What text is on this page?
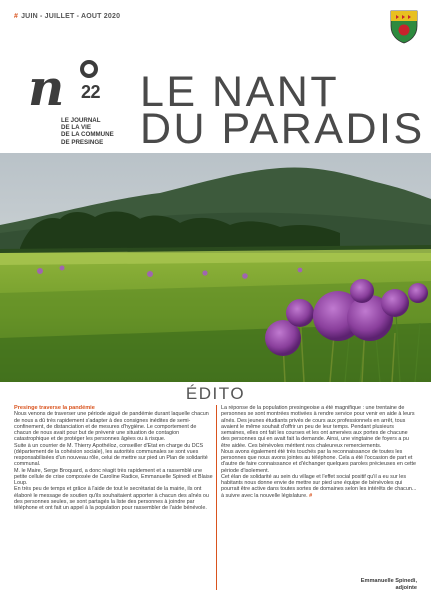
# JUIN - JUILLET - AOUT 2020
n 22
LE JOURNAL
DE LA VIE
DE LA COMMUNE
DE PRESINGE
LE NANT
DU PARADIS
ÉDITO

Presinge traverse la pandémie

Nous venons de traverser une période aiguë de pandémie durant laquelle chacun de nous a dû très rapidement s'adapter à des consignes inédites de semi-confinement, de distanciation et de mesures d'hygiène. Le comportement de chacun de nous avait pour but de prévenir une situation de contagion catastrophique et de protéger les personnes âgées ou à risque.

Suite à un courrier de M. Thierry Apothéloz, conseiller d'Etat en charge du DCS (département de la cohésion sociale), les autorités communales se sont vues responsabilisées d'un nouveau rôle, celui de mettre sur pied un Plan de solidarité communal.

M. le Maire, Serge Broquard, a donc réagit très rapidement et a rassemblé une petite cellule de crise composée de Caroline Radice, Emmanuelle Spinedi et Blaise Loup.

En très peu de temps et grâce à l'aide de tout le secrétariat de la mairie, ils ont élaboré le message de soutien qu'ils souhaitaient apporter à chacun des aînés ou des personnes seules, se sont partagés la liste des personnes à joindre par téléphone et ont fait un appel à la population pour rassembler de l'aide bénévole.

La réponse de la population presingeoise a été magnifique : une trentaine de personnes se sont montrées motivées à rendre service pour venir en aide à leurs aînés. Des jeunes étudiants privés de cours aux professionnels en arrêt, tous avaient le même souhait d'offrir un peu de leur temps. Pendant plusieurs semaines, elles ont fait les courses et les ont amenées aux portes de chacune des personnes qui en avait fait la demande. Ainsi, une vingtaine de foyers a pu être aidée. Ces bénévoles méritent nos chaleureux remerciements.

Nous avons également été très touchés par la reconnaissance de toutes les personnes que nous avons jointes au téléphone. Cela a été l'occasion de part et d'autre de faire connaissance et d'échanger quelques paroles précieuses en cette période d'isolement.

Cet élan de solidarité au sein du village et l'effet social positif qu'il a eu sur les habitants nous donne envie de mettre sur pied une équipe de bénévoles qui pourrait être active dans toutes sortes de domaines selon les intérêts de chacun... à suivre avec la nouvelle législature. #

Emmanuelle Spinedi,
adjointe
